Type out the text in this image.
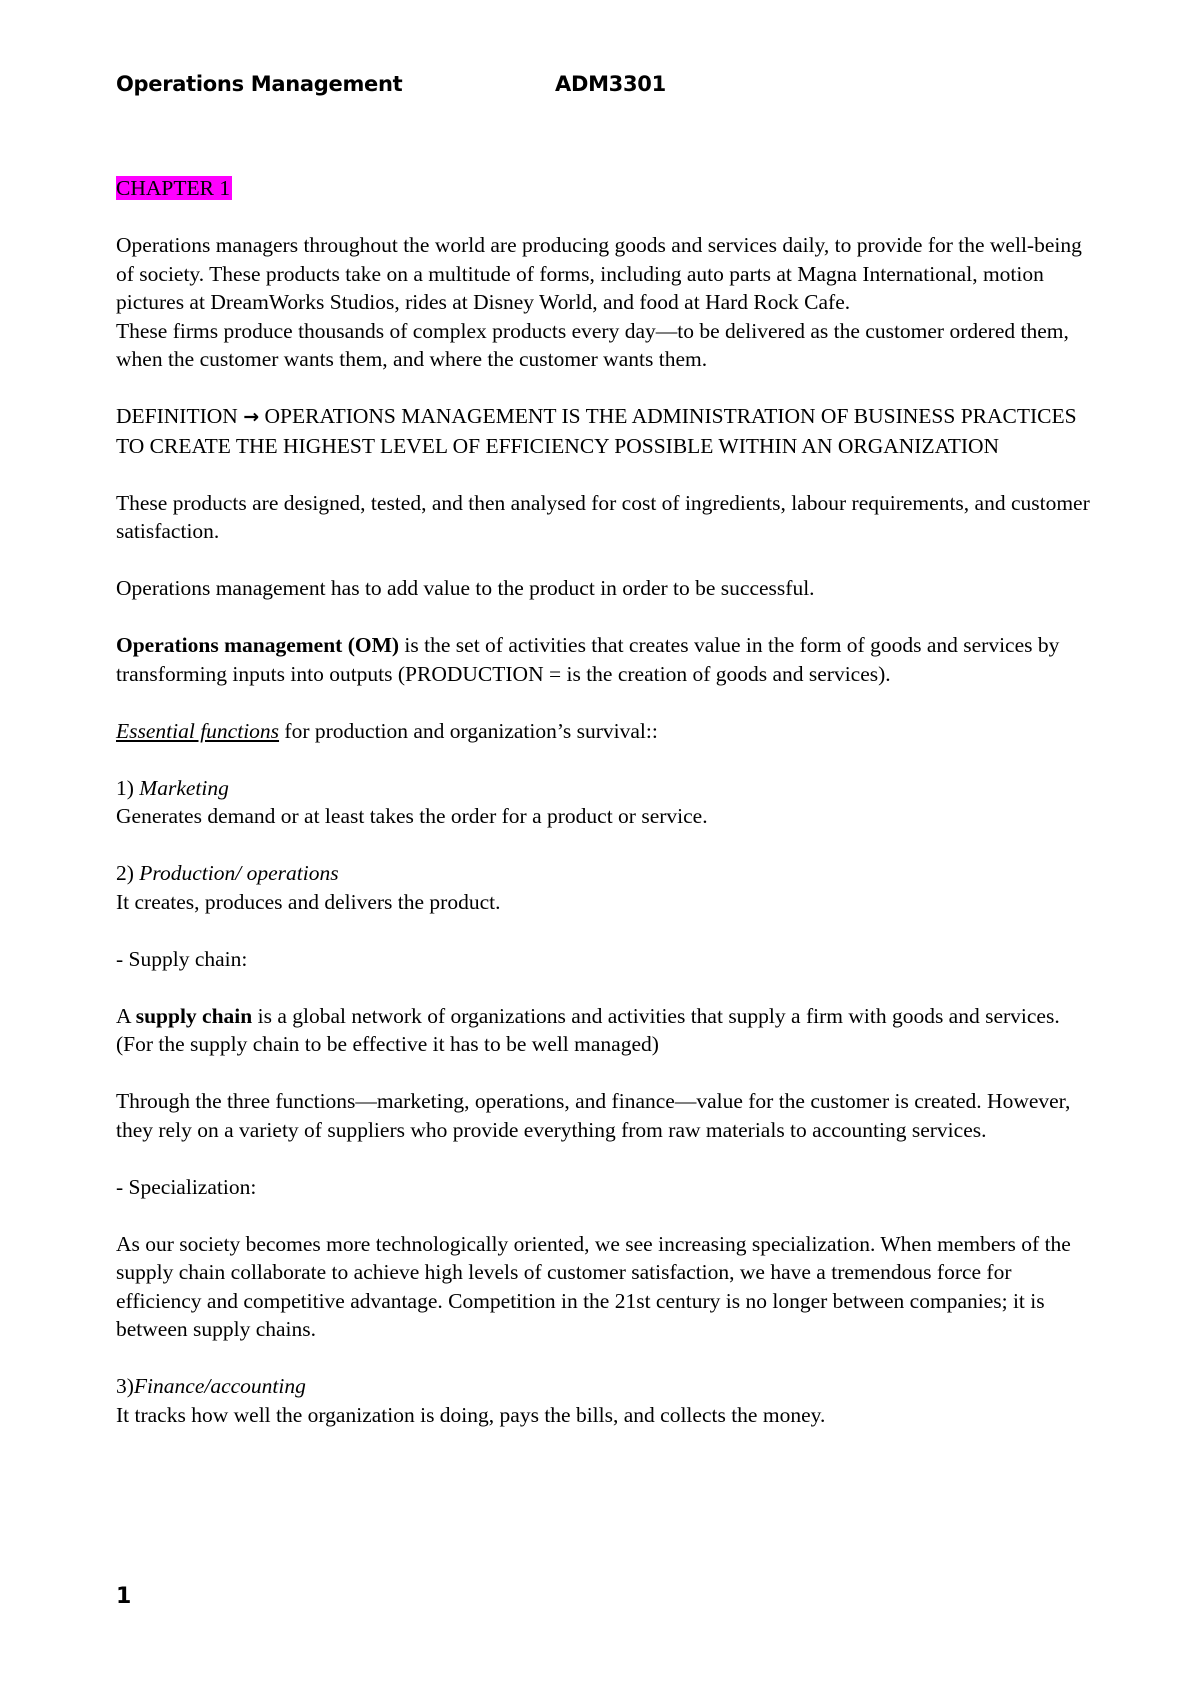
Operations Management	ADM3301

CHAPTER 1

Operations managers throughout the world are producing goods and services daily, to provide for the well-being of society. These products take on a multitude of forms, including auto parts at Magna International, motion pictures at DreamWorks Studios, rides at Disney World, and food at Hard Rock Cafe.

These firms produce thousands of complex products every day—to be delivered as the customer ordered them, when the customer wants them, and where the customer wants them.

DEFINITION → OPERATIONS MANAGEMENT IS THE ADMINISTRATION OF BUSINESS PRACTICES TO CREATE THE HIGHEST LEVEL OF EFFICIENCY POSSIBLE WITHIN AN ORGANIZATION

These products are designed, tested, and then analysed for cost of ingredients, labour requirements, and customer satisfaction.

Operations management has to add value to the product in order to be successful.

Operations management (OM) is the set of activities that creates value in the form of goods and services by transforming inputs into outputs (PRODUCTION = is the creation of goods and services).

Essential functions for production and organization’s survival::

1) Marketing

Generates demand or at least takes the order for a product or service.

2) Production/ operations

It creates, produces and delivers the product.

- Supply chain:

A supply chain is a global network of organizations and activities that supply a firm with goods and services. (For the supply chain to be effective it has to be well managed)

Through the three functions—marketing, operations, and finance—value for the customer is created. However, they rely on a variety of suppliers who provide everything from raw materials to accounting services.

- Specialization:

As our society becomes more technologically oriented, we see increasing specialization. When members of the supply chain collaborate to achieve high levels of customer satisfaction, we have a tremendous force for efficiency and competitive advantage. Competition in the 21st century is no longer between companies; it is between supply chains.

3)Finance/accounting

It tracks how well the organization is doing, pays the bills, and collects the money.

1
